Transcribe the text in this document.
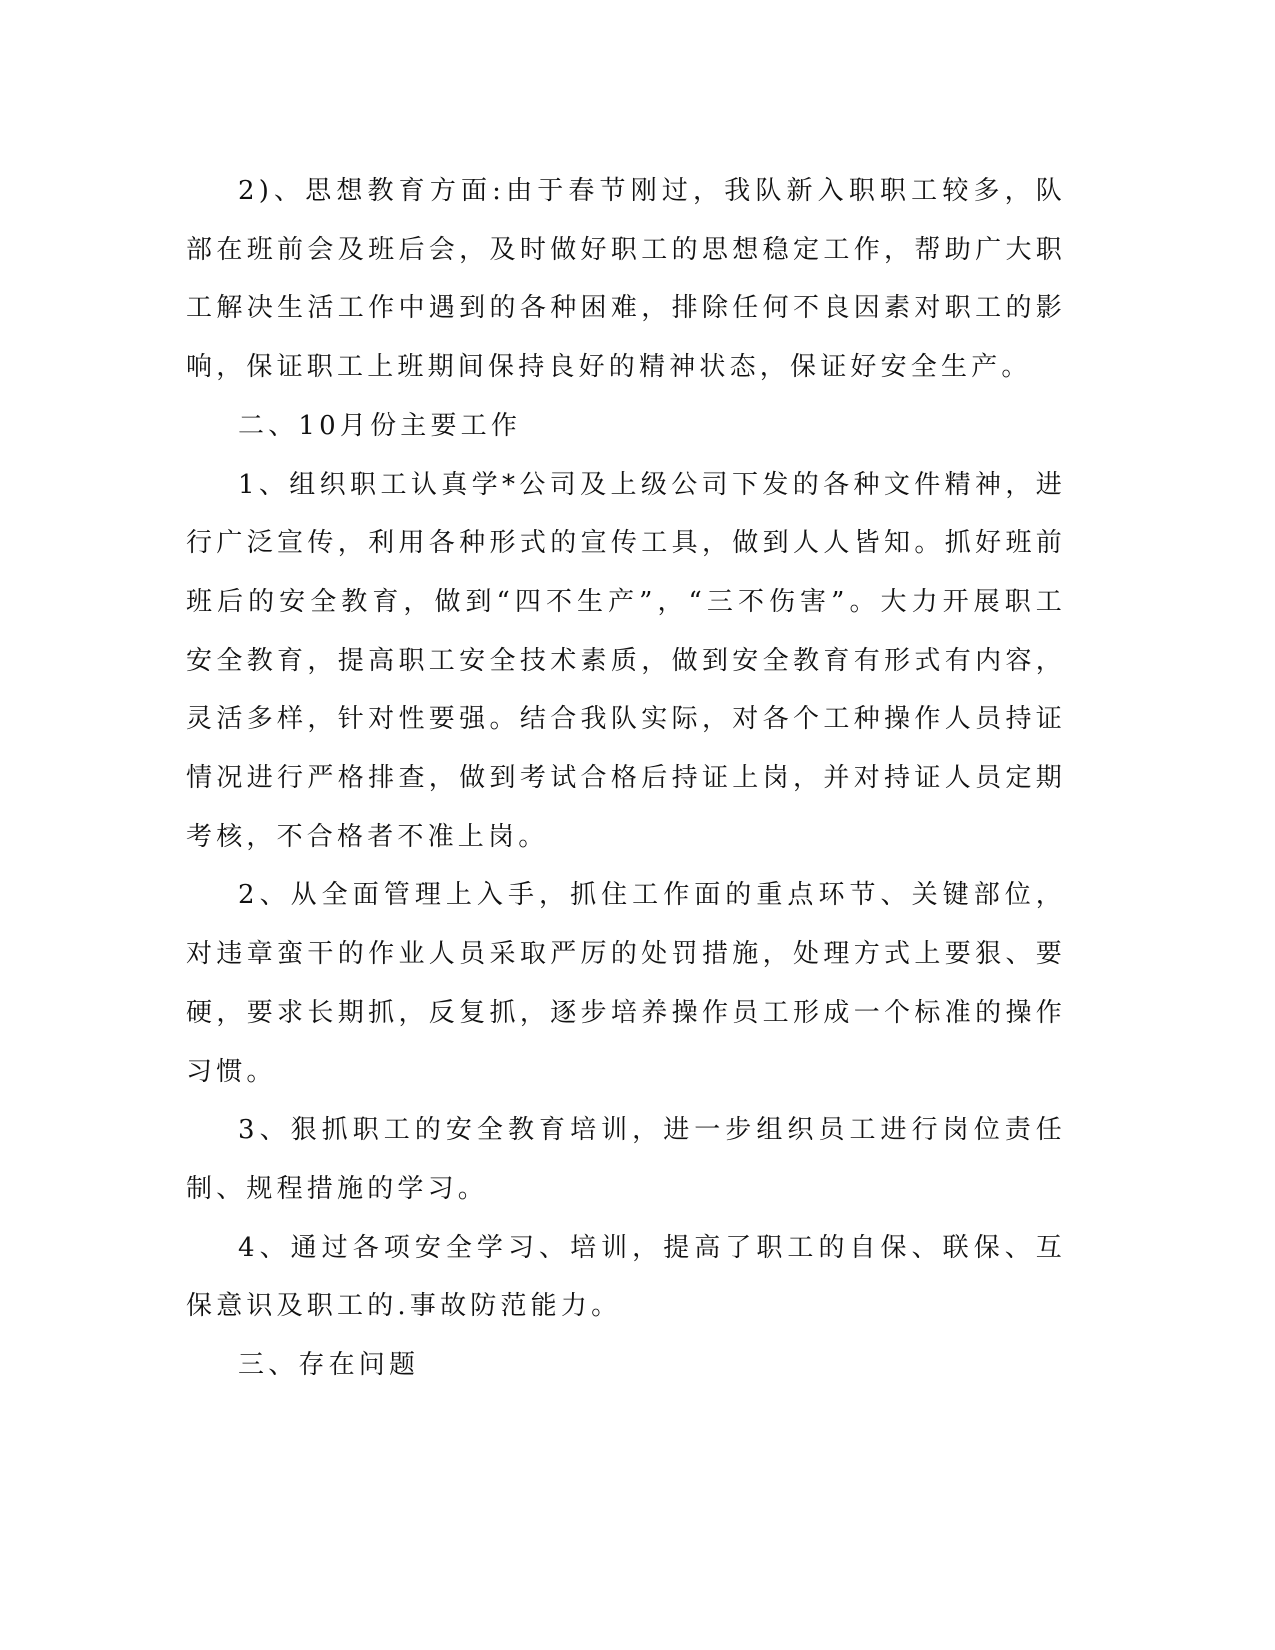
2)、思想教育方面:由于春节刚过，我队新入职职工较多，队部在班前会及班后会，及时做好职工的思想稳定工作，帮助广大职工解决生活工作中遇到的各种困难，排除任何不良因素对职工的影响，保证职工上班期间保持良好的精神状态，保证好安全生产。

二、10月份主要工作

1、组织职工认真学*公司及上级公司下发的各种文件精神，进行广泛宣传，利用各种形式的宣传工具，做到人人皆知。抓好班前班后的安全教育，做到“四不生产”，“三不伤害”。大力开展职工安全教育，提高职工安全技术素质，做到安全教育有形式有内容，灵活多样，针对性要强。结合我队实际，对各个工种操作人员持证情况进行严格排查，做到考试合格后持证上岗，并对持证人员定期考核，不合格者不准上岗。

2、从全面管理上入手，抓住工作面的重点环节、关键部位，对违章蛮干的作业人员采取严厉的处罚措施，处理方式上要狠、要硬，要求长期抓，反复抓，逐步培养操作员工形成一个标准的操作习惯。

3、狠抓职工的安全教育培训，进一步组织员工进行岗位责任制、规程措施的学习。

4、通过各项安全学习、培训，提高了职工的自保、联保、互保意识及职工的.事故防范能力。

三、存在问题
